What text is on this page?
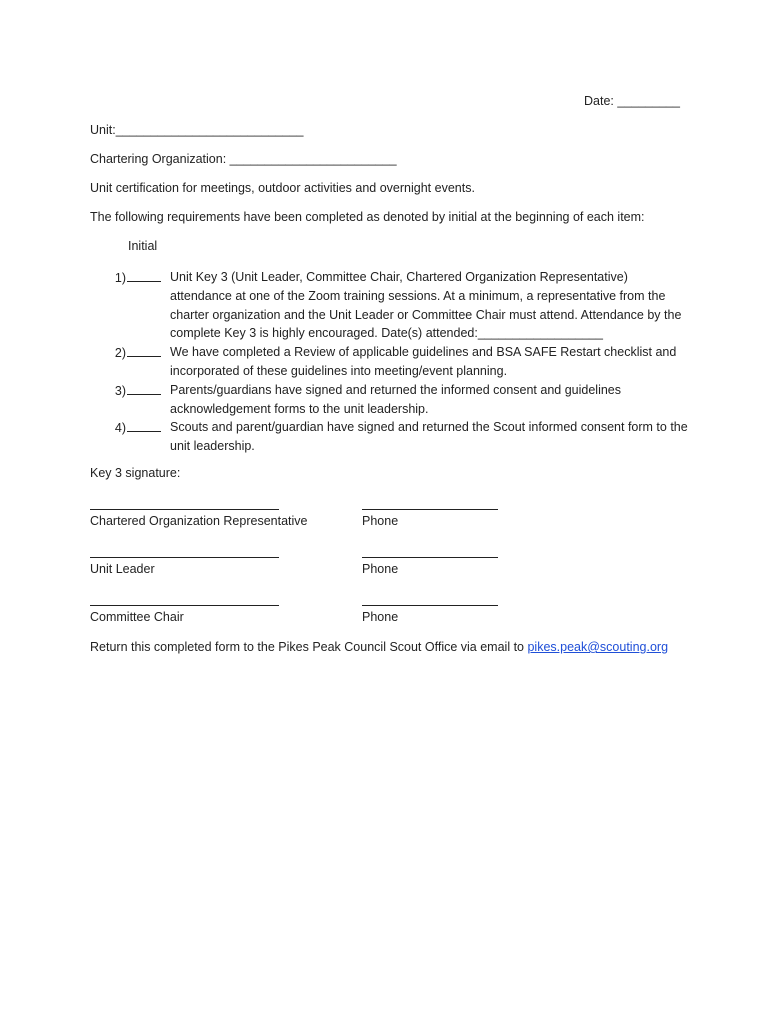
Date: _________
Unit:___________________________
Chartering Organization: ________________________
Unit certification for meetings, outdoor activities and overnight events.
The following requirements have been completed as denoted by initial at the beginning of each item:
Initial
1)	Unit Key 3 (Unit Leader, Committee Chair, Chartered Organization Representative) attendance at one of the Zoom training sessions. At a minimum, a representative from the charter organization and the Unit Leader or Committee Chair must attend. Attendance by the complete Key 3 is highly encouraged. Date(s) attended:__________________
2)	We have completed a Review of applicable guidelines and BSA SAFE Restart checklist and incorporated of these guidelines into meeting/event planning.
3)	Parents/guardians have signed and returned the informed consent and guidelines acknowledgement forms to the unit leadership.
4)	Scouts and parent/guardian have signed and returned the Scout informed consent form to the unit leadership.
Key 3 signature:
Chartered Organization Representative	Phone
Unit Leader	Phone
Committee Chair	Phone
Return this completed form to the Pikes Peak Council Scout Office via email to pikes.peak@scouting.org
